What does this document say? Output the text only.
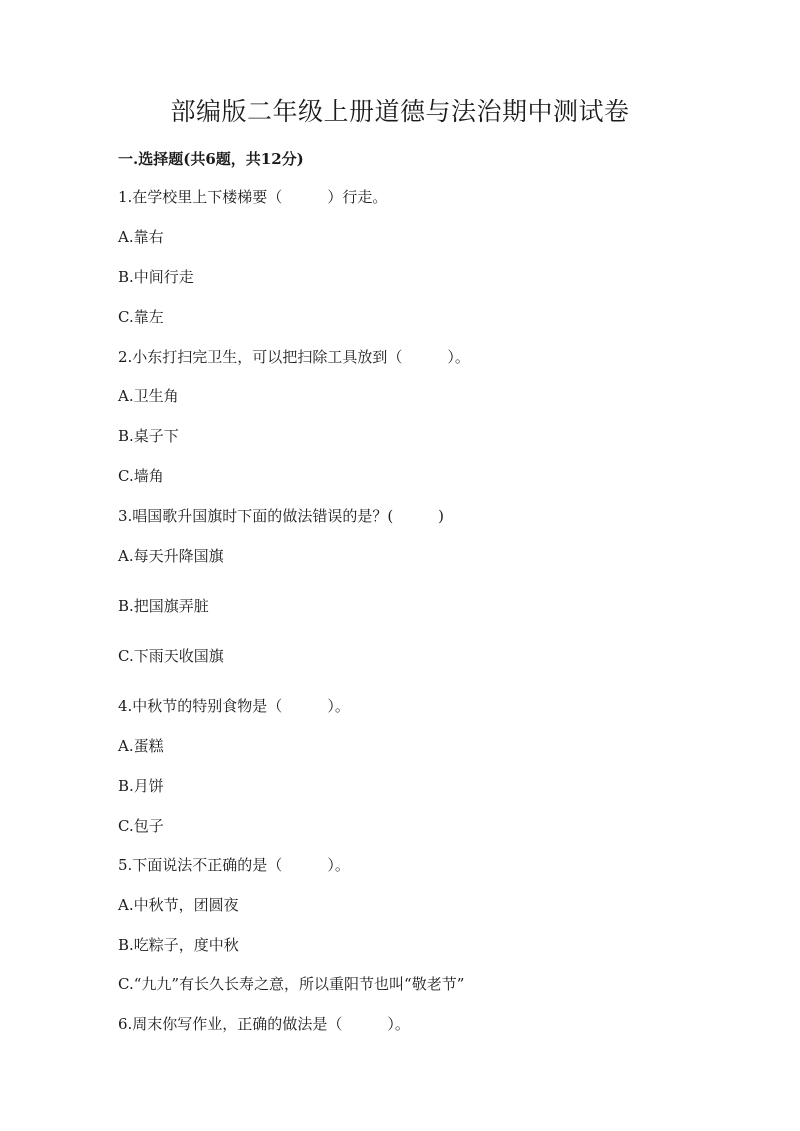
部编版二年级上册道德与法治期中测试卷

一.选择题(共6题，共12分)

1.在学校里上下楼梯要（　　　）行走。

A.靠右

B.中间行走

C.靠左

2.小东打扫完卫生，可以把扫除工具放到（　　　）。

A.卫生角

B.桌子下

C.墙角

3.唱国歌升国旗时下面的做法错误的是？(　　　)

A.每天升降国旗

B.把国旗弄脏

C.下雨天收国旗

4.中秋节的特别食物是（　　　）。

A.蛋糕

B.月饼

C.包子

5.下面说法不正确的是（　　　）。

A.中秋节，团圆夜

B.吃粽子，度中秋

C.“九九”有长久长寿之意，所以重阳节也叫“敬老节”

6.周末你写作业，正确的做法是（　　　）。
